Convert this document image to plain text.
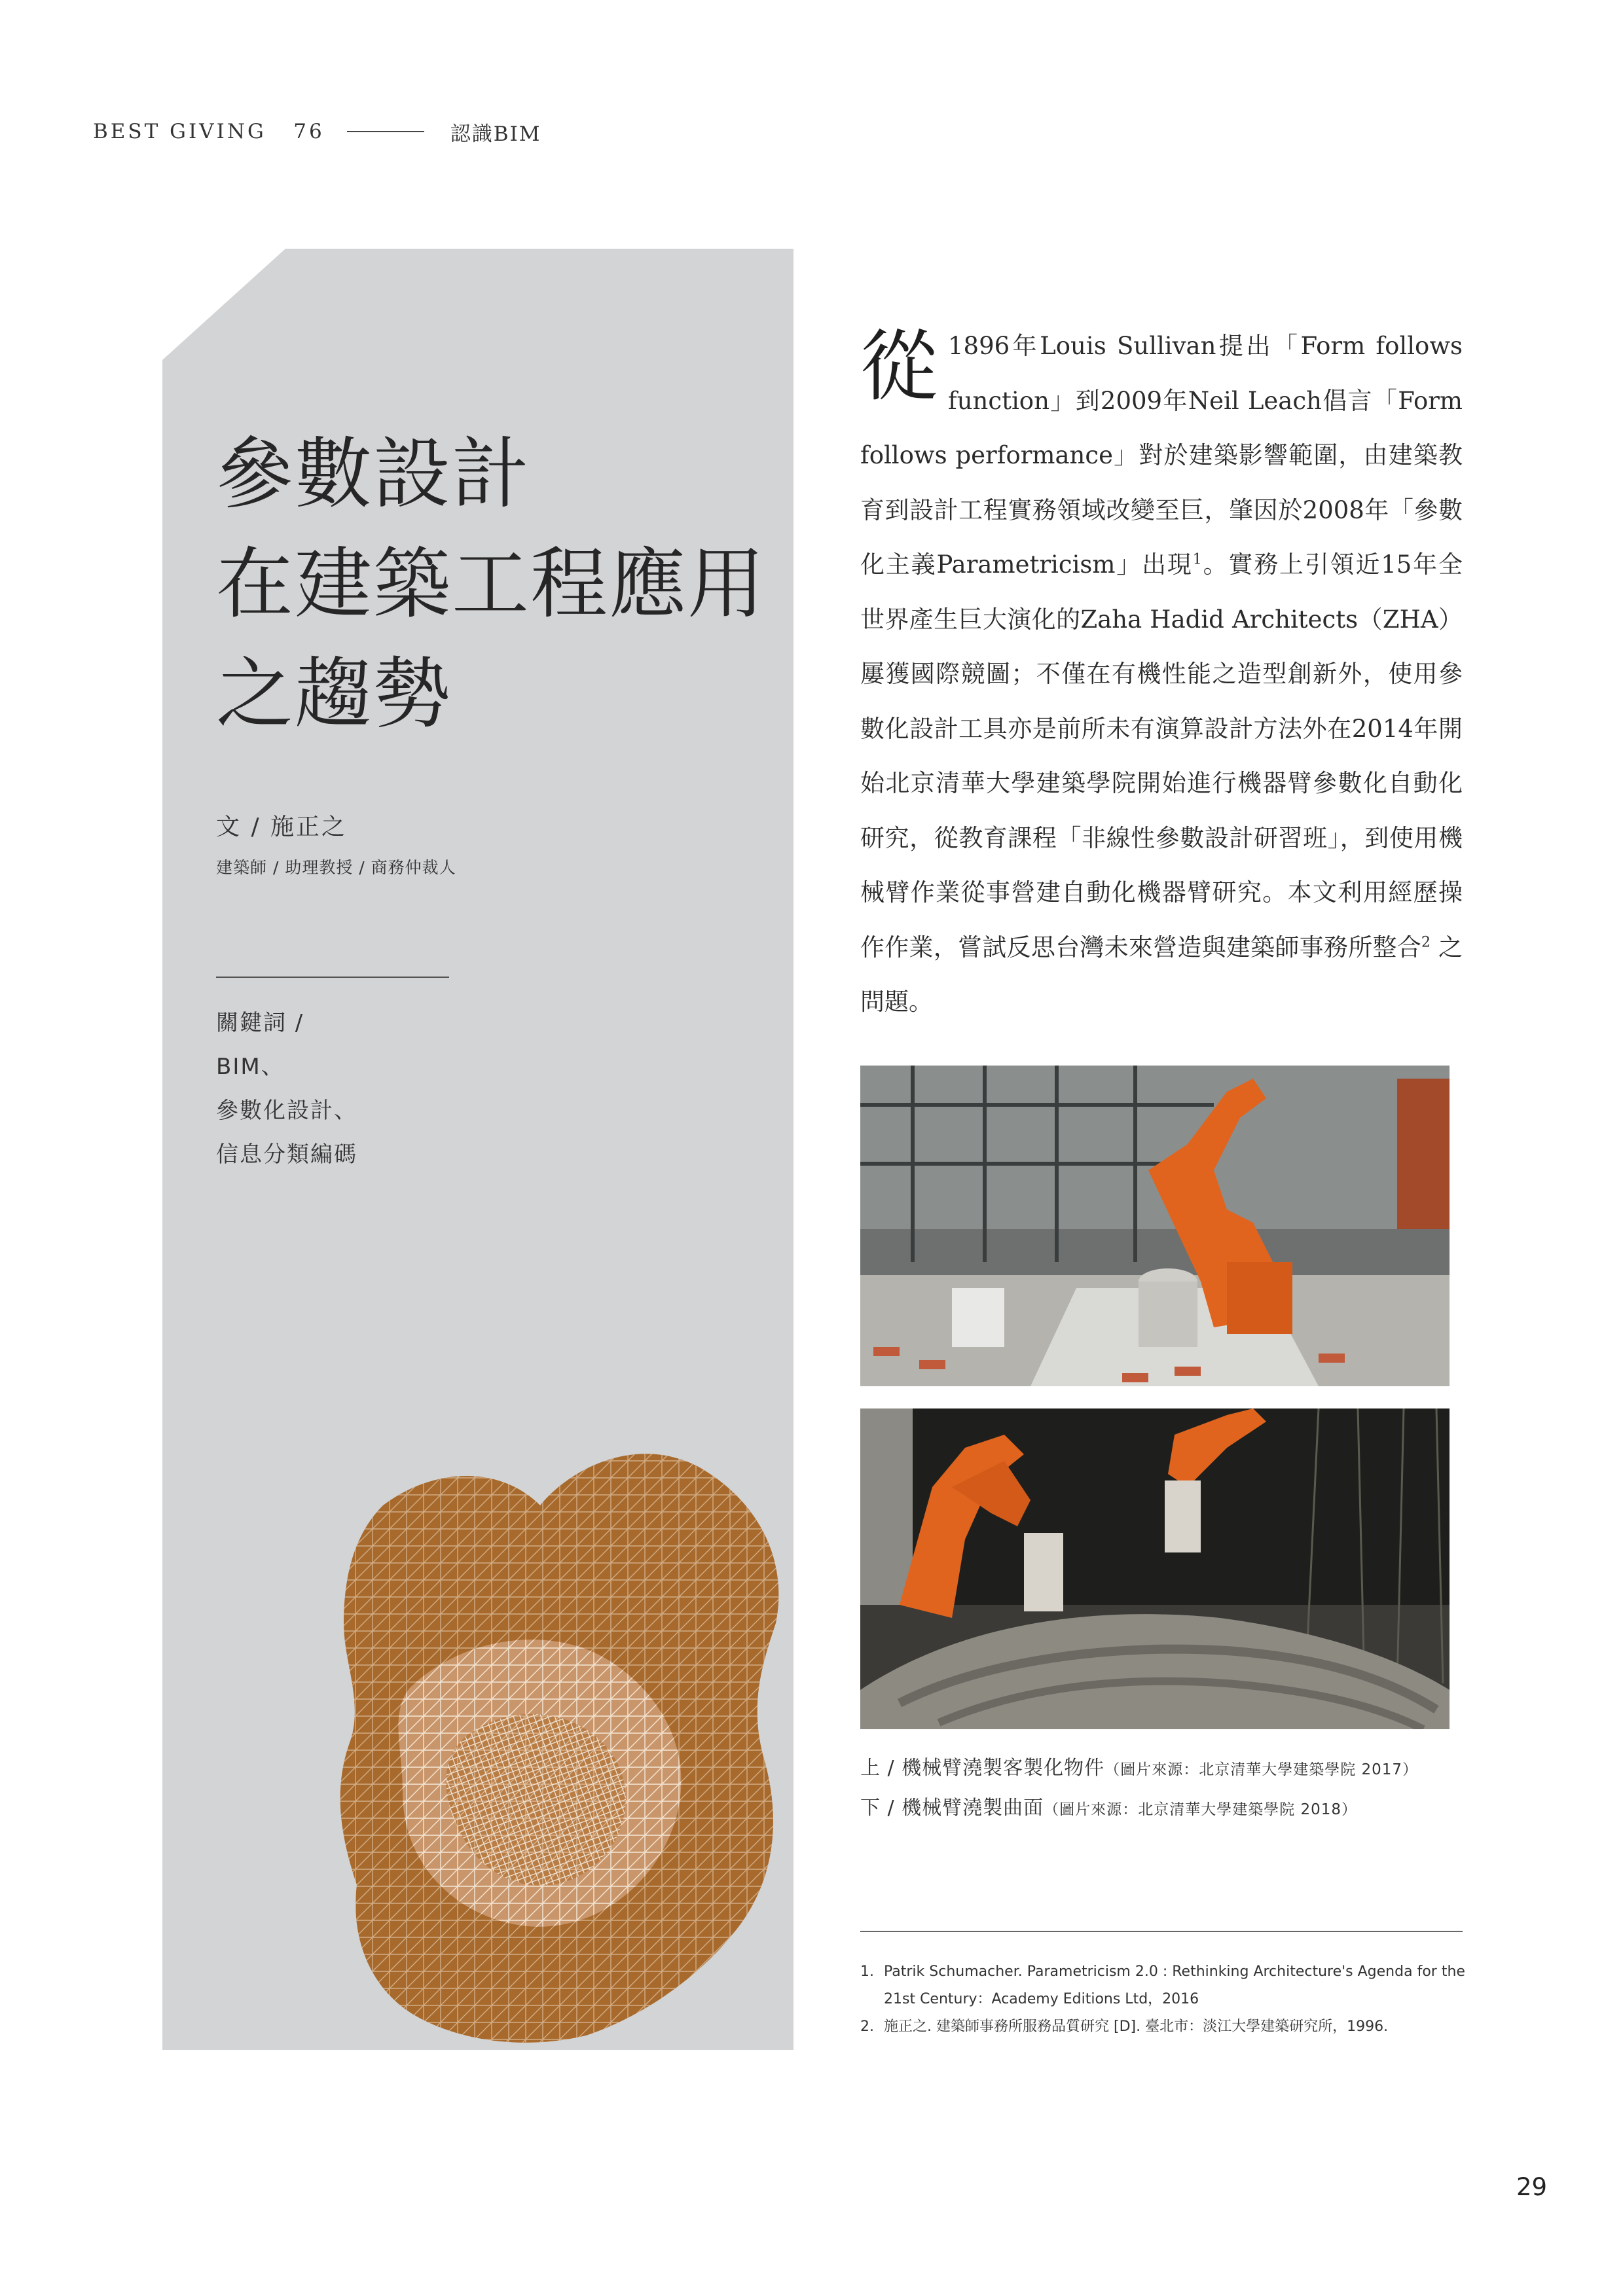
BEST GIVING
76	認識BIM
參數設計
在建築工程應用
之趨勢
文 / 施正之
建築師 / 助理教授 / 商務仲裁人
關鍵詞 /
BIM、
參數化設計、
信息分類編碼
從 1896年Louis Sullivan提出「Form follows function」到2009年Neil Leach倡言「Form follows performance」對於建築影響範圍，由建築教育到設計工程實務領域改變至巨，肇因於2008年「參數化主義Parametricism」出現$^1$。實務上引領近15年全世界產生巨大演化的Zaha Hadid Architects（ZHA）屢獲國際競圖；不僅在有機性能之造型創新外，使用參數化設計工具亦是前所未有演算設計方法外在2014年開始北京清華大學建築學院開始進行機器臂參數化自動化研究，從教育課程「非線性參數設計研習班」，到使用機械臂作業從事營建自動化機器臂研究。本文利用經歷操作作業，嘗試反思台灣未來營造與建築師事務所整合$^2$ 之問題。
上 / 機械臂澆製客製化物件（圖片來源：北京清華大學建築學院 2017）
下 / 機械臂澆製曲面（圖片來源：北京清華大學建築學院 2018）
1. Patrik Schumacher. Parametricism 2.0 : Rethinking Architecture's Agenda for the 21st Century：Academy Editions Ltd，2016
2. 施正之. 建築師事務所服務品質研究 [D]. 臺北市：淡江大學建築研究所，1996.
29
